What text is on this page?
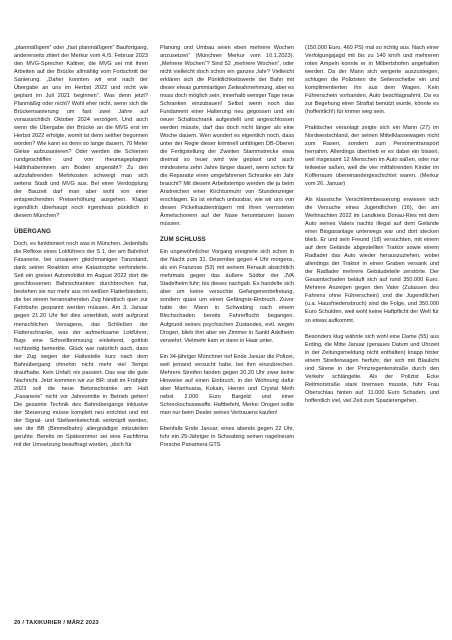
„planmäßigem“ oder „fast planmäßigem“ Baufortgang, andererseits zitiert der Merkur vom 4./5. Februar 2023 den MVG-Sprecher Kaltner, die MVG sei mit ihren Arbeiten auf der Brücke allmählig vom Fortschritt der Sanierung. „Daher konnten wir erst nach der Übergabe an uns im Herbst 2022 und nicht wie geplant im Juli 2021 beginnen“. Was denn jetzt? Planmäßig oder nicht? Wohl eher nicht, wenn sich die Brückensanierung um fast zwei Jahre auf voraussichtlich Oktober 2024 verzögert. Und auch wenn die Übergabe der Brücke an die MVG erst im Herbst 2022 erfolgte, womit ist denn seither begonnen worden? Wie kann es denn so lange dauern, 70 Meter Gleise aufzusanieren? Oder werden die Schienen rundgeschliffen und von rheumageplagten Haltinhaberinnen am Boden angenäht? Zu den aufzufahrenden Mehrkosten schweigt man sich seitens Stadt und MVG aus. Bei einer Verdopplung der Bauzeit darf man aber wohl von einer entsprechenden Preiserhöhung ausgehen. Klappt irgendlich überhaupt noch irgendwas pünktlich in diesem München?

ÜBERGANG

Doch, es funktioniert noch was in München. Jedenfalls die Reflexe eines Lokführers der S 1, der am Bahnhof Fasanerie, bei unsanem gleichmanigen Tanzstand, dank seiner Reaktion eine Katastrophe verhinderte. Seit ein greiser Automobilist im August 2022 dort die geschlossenen Bahnschranken durchbrochen hat, bestehen sie nur mehr aus rot-weißen Flatterbändern, die bei einem herannahenden Zug händisch quer zur Fahrbahn gespannt werden müssen. Am 3. Januar gegen 21.20 Uhr fiel dies unterblieb, wohl aufgrund menschlichen Versagens, das Schließen der Flatterschranke, was der aufmerksame Lokführer, flugs eine Schnellbremsung einleitend, gottlob rechtzeitig bemerkte. Glück war natürlich auch, dass der Zug wegen der Haltestelle kurz nach dem Bahnübergang ohnehin nicht mehr viel Tempo draufhatte. Kein Unfall; nix passiert. Das war die gute Nachricht. Jetzt kommen wir zur BR: statt im Frühjahr 2023 soll die neue Betonschranke am Halt „Fasanerie“ nicht vor Jahresmitte in Betrieb gehen! Die gesamte Technik des Bahnübergangs inklusive der Steuerung müsse komplett neu errichtet und mit der Signal- und Stellwerkstechnik verknüpft werden, wie die BB (Bimmelbahn) allergnädigst mitzuteilen geruhte. Bereits im Spätsommer sei eine Fachfirma mit der Umsetzung beauftragt worden, „doch für

Planung und Umbau seien eben mehrere Wochen anzusetzen“ (Münchner Merkur vom 10.1.2023). „Mehrere Wochen“? Sind 52 „mehrere Wochen“, oder nicht vielleicht doch schon ein ganzes Jahr? Vielleicht erklären sich die Pünktlichkeitswerte der Bahn mit dieser etwas gummiartigen Zeitwahrnehmung, aber es muss doch möglich sein, innerhalb weniger Tage neue Schranken einzubauen! Selbst wenn noch das Fundament einer Halterung neu gegossen und ein neuer Schaltschrank aufgestellt und angeschlossen werden müsste, darf das doch nicht länger als eine Woche dauern. Wen wundert es eigentlich noch, dass unter der Regie dieser kriminell unfähigen DB-Oberen die Fertigstellung der Zweiten Stammstrecke etwa dreimal so teuer wird wie geplant und auch mindestens zehn Jahre länger dauert, wenn schon für die Reparatur einer umgefahrenen Schranke ein Jahr braucht? Mit diesem Arbeitstempo werden die ja beim Anstreichen einer Kirchturmuhr von Stundenzeiger erschlagen. Es ist einfach unfassbar, wie wir uns von diesen Pickelhaubenträgern mit ihren verrosteten Ärmelschonern auf der Nase herumtanzen lassen müssen.

ZUM SCHLUSS

Ein ungewöhnlicher Vorgang ereignete sich schon in der Nacht zum 31. Dezember gegen 4 Uhr morgens, als ein Franzose (53) mit seinem Renault absichtlich mehrmals gegen das äußere Südtor der JVA Stadelheim fuhr; bis dieses nachgab. Es handelte sich aber um keine versuchte Gefangenenbefreiung, sondern quasi um einen Gefängnis-Einbruch. Zuvor hatte der Mann in Schwabing nach einem Blechschaden bereits Fahrerflucht begangen. Aufgrund seines psychischen Zustandes, evtl. wegen Drogen, blieb ihm aber ein Zimmer in Sankt Adelheim verwehrt. Vielmehr kam er dann in Haar unter.

Ein 34-jähriger Münchner rief Ende Januar die Polizei, weil jemand versucht habe, bei ihm einzubrechen. Mehrere Streifen fanden gegen 20.20 Uhr zwar keine Hinweise auf einen Einbruch, in der Wohnung dafür aber Marihuana, Kokain, Heroin und Crystal Meth nebst 2.000 Euro Bargeld und einer Schreckschusswaffe. Haftbefehl, Merke: Drogen sollte man nur beim Dealer seines Vertrauens kaufen!

Ebenfalls Ende Januar, eines abends gegen 22 Uhr, fuhr ein 25-Jähriger in Schwabing seinen nagelneuen Porsche Panamera GTS

(150.000 Euro, 460 PS) mal so richtig aus. Nach einer Verfolgungsjagd mit bis zu 140 km/h und mehreren roten Ampeln konnte er in Milbertshofen angehalten werden. Da der Mann sich weigerte auszusteigen, schlugen die Polizisten die Seitenscheibe ein und komplimentierten ihn aus dem Wagen. Kein Führerschein vorhanden, Auto beschlagnahmt. Da es zur Begehung einer Straftat benützt wurde, könnte es (hoffentlich!) für immer weg sein.

Praktischer veranlagt zeigte sich ein Mann (27) im Nordwestschland, der seinen Mittelklassewagen nicht zum Rasen, sondern zum Personentransport hernahm. Allerdings übertrieb er es dabei ein bisserl, weil insgesamt 12 Menschen im Auto saßen, oder nur teilweise saßen, weil die vier mitfahrenden Kinder im Kofferraum übereinandergeschichtet waren. (Merkur vom 26. Januar)

Als klassische Verschlimmbesserung erwiesen sich die Versuche eines Jugendlichen (16), der am Weihnachten 2022 im Landkreis Donau-Ries mit dem Auto seines Vaters nachts illegal auf dem Gelände einer Biogasanlage unterwegs war und dort stecken blieb. Er und sein Freund (18) versuchten, mit einem auf dem Gelände abgestellten Traktor sowie einem Radlader das Auto wieder herauszuziehen, wobei allerdings der Traktor in einen Graben versank und der Radlader mehrere Gebäudeteile zerstörte. Der Gesamtschaden beläuft sich auf rund 350.000 Euro. Mehrere Anzeigen gegen den Vater (Zulassen des Fahrens ohne Führerschein) und die Jugendlichen (u.a. Hausfriedensbruch) sind die Folge, und 350.000 Euro Schulden, weil wohl keine Haftpflicht der Welt für so etwas aufkommt.

Besonders klug wähnte sich wohl eine Dame (55) aus Erding, die Mitte Januar (genaues Datum und Uhrzeit in der Zeitungsmeldung nicht enthalten) knapp hinter einem Streifenwagen herfuhr, der sich mit Blaulicht und Sirene in der Prinzregentenstraße durch den Verkehr schlängelte. Als der Polizist Ecke Reitmorstraße stark bremsen musste, fuhr Frau Oberschlau hinten auf. 11.000 Euro Schaden, und hoffentlich viel, viel Zeit zum Spazierengehen.

20 / TAXIKURIER / MÄRZ 2023
